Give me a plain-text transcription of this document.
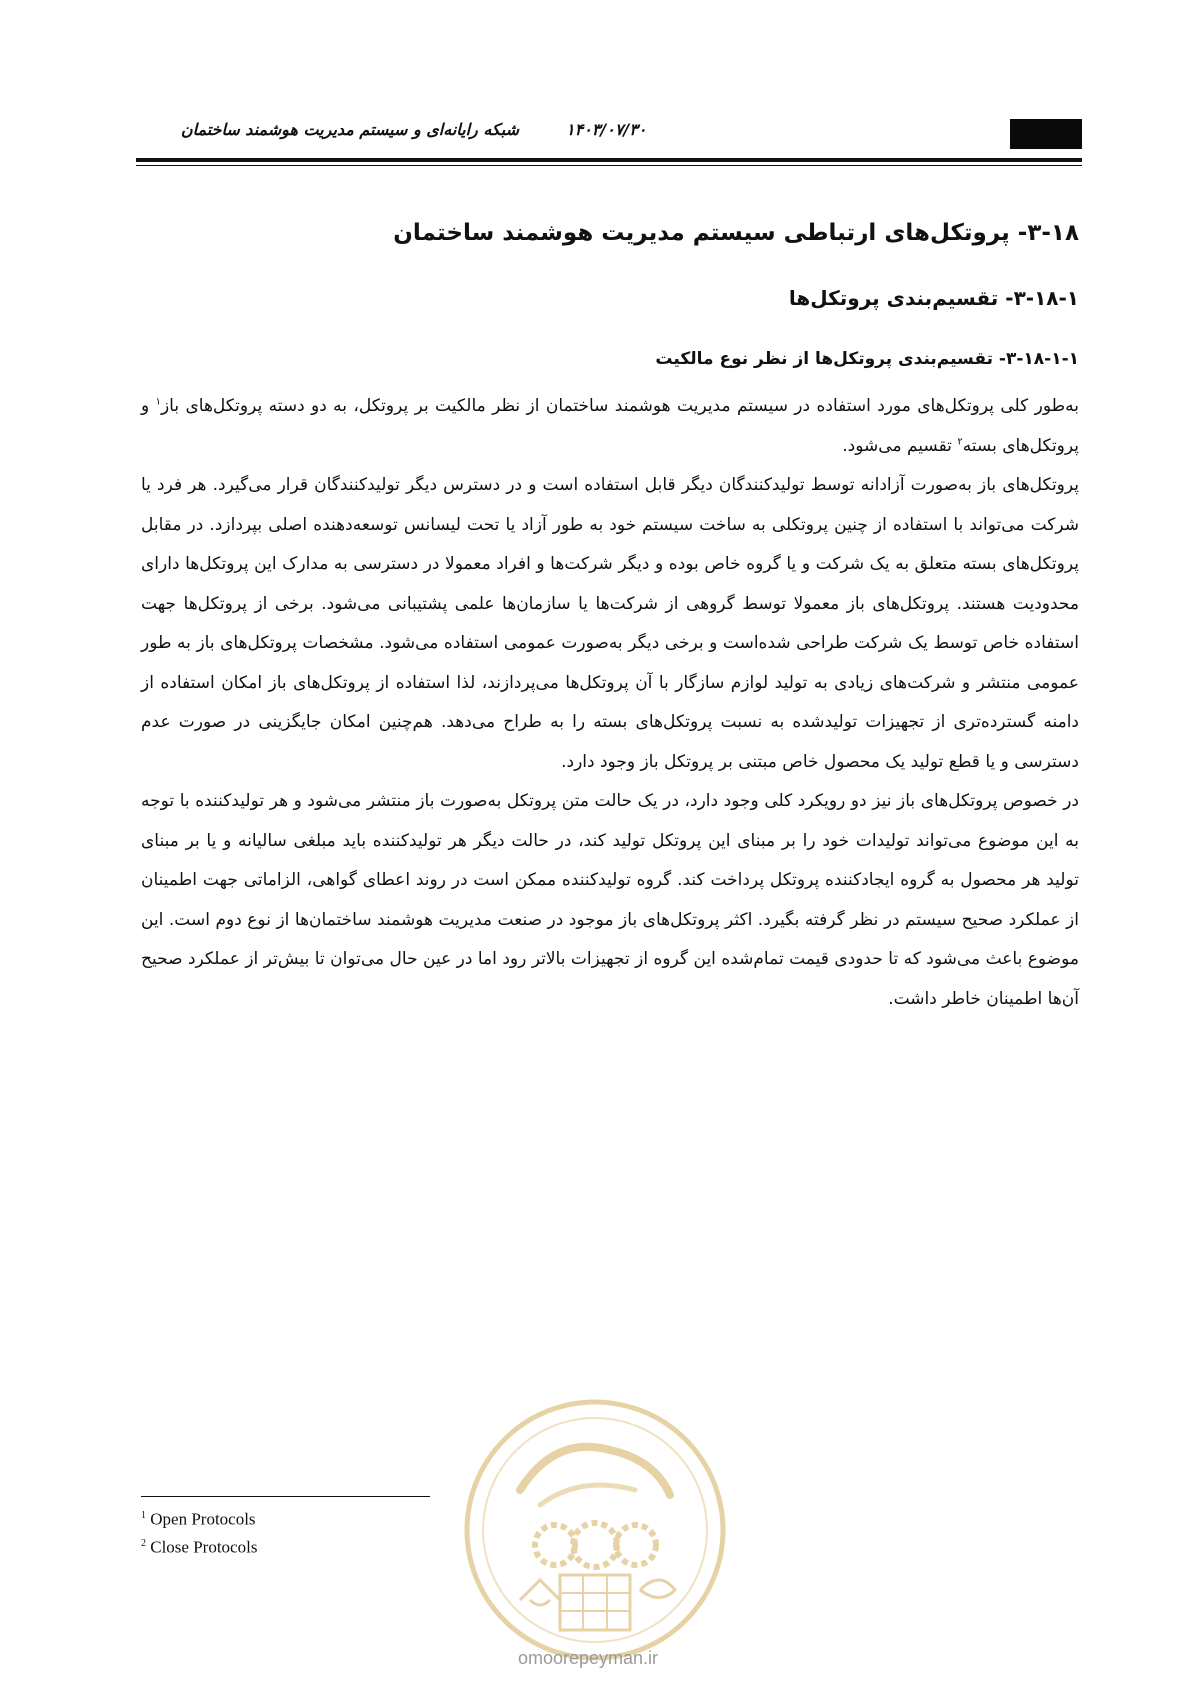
شبکه رایانه‌ای و سیستم مدیریت هوشمند ساختمان	۱۴۰۳/۰۷/۳۰
۳-۱۸- پروتکل‌های ارتباطی سیستم مدیریت هوشمند ساختمان
۳-۱۸-۱- تقسیم‌بندی پروتکل‌ها
۳-۱۸-۱-۱- تقسیم‌بندی پروتکل‌ها از نظر نوع مالکیت

به‌طور کلی پروتکل‌های مورد استفاده در سیستم مدیریت هوشمند ساختمان از نظر مالکیت بر پروتکل، به دو دسته پروتکل‌های باز$^۱$ و پروتکل‌های بسته$^۲$ تقسیم می‌شود.

پروتکل‌های باز به‌صورت آزادانه توسط تولیدکنندگان دیگر قابل استفاده است و در دسترس دیگر تولیدکنندگان قرار می‌گیرد. هر فرد یا شرکت می‌تواند با استفاده از چنین پروتکلی به ساخت سیستم خود به طور آزاد یا تحت لیسانس توسعه‌دهنده اصلی بپردازد. در مقابل پروتکل‌های بسته متعلق به یک شرکت و یا گروه خاص بوده و دیگر شرکت‌ها و افراد معمولا در دسترسی به مدارک این پروتکل‌ها دارای محدودیت هستند. پروتکل‌های باز معمولا توسط گروهی از شرکت‌ها یا سازمان‌ها علمی پشتیبانی می‌شود. برخی از پروتکل‌ها جهت استفاده خاص توسط یک شرکت طراحی شده‌است و برخی دیگر به‌صورت عمومی استفاده می‌شود. مشخصات پروتکل‌های باز به طور عمومی منتشر و شرکت‌های زیادی به تولید لوازم سازگار با آن پروتکل‌ها می‌پردازند، لذا استفاده از پروتکل‌های باز امکان استفاده از دامنه گسترده‌تری از تجهیزات تولیدشده به نسبت پروتکل‌های بسته را به طراح می‌دهد. هم‌چنین امکان جایگزینی در صورت عدم دسترسی و یا قطع تولید یک محصول خاص مبتنی بر پروتکل باز وجود دارد.

در خصوص پروتکل‌های باز نیز دو رویکرد کلی وجود دارد، در یک حالت متن پروتکل به‌صورت باز منتشر می‌شود و هر تولیدکننده با توجه به این موضوع می‌تواند تولیدات خود را بر مبنای این پروتکل تولید کند، در حالت دیگر هر تولیدکننده باید مبلغی سالیانه و یا بر مبنای تولید هر محصول به گروه ایجادکننده پروتکل پرداخت کند. گروه تولیدکننده ممکن است در روند اعطای گواهی، الزاماتی جهت اطمینان از عملکرد صحیح سیستم در نظر گرفته بگیرد. اکثر پروتکل‌های باز موجود در صنعت مدیریت هوشمند ساختمان‌ها از نوع دوم است. این موضوع باعث می‌شود که تا حدودی قیمت تمام‌شده این گروه از تجهیزات بالاتر رود اما در عین حال می‌توان تا بیش‌تر از عملکرد صحیح آن‌ها اطمینان خاطر داشت.

omoorepeyman.ir
$^1$ Open Protocols
$^2$ Close Protocols
